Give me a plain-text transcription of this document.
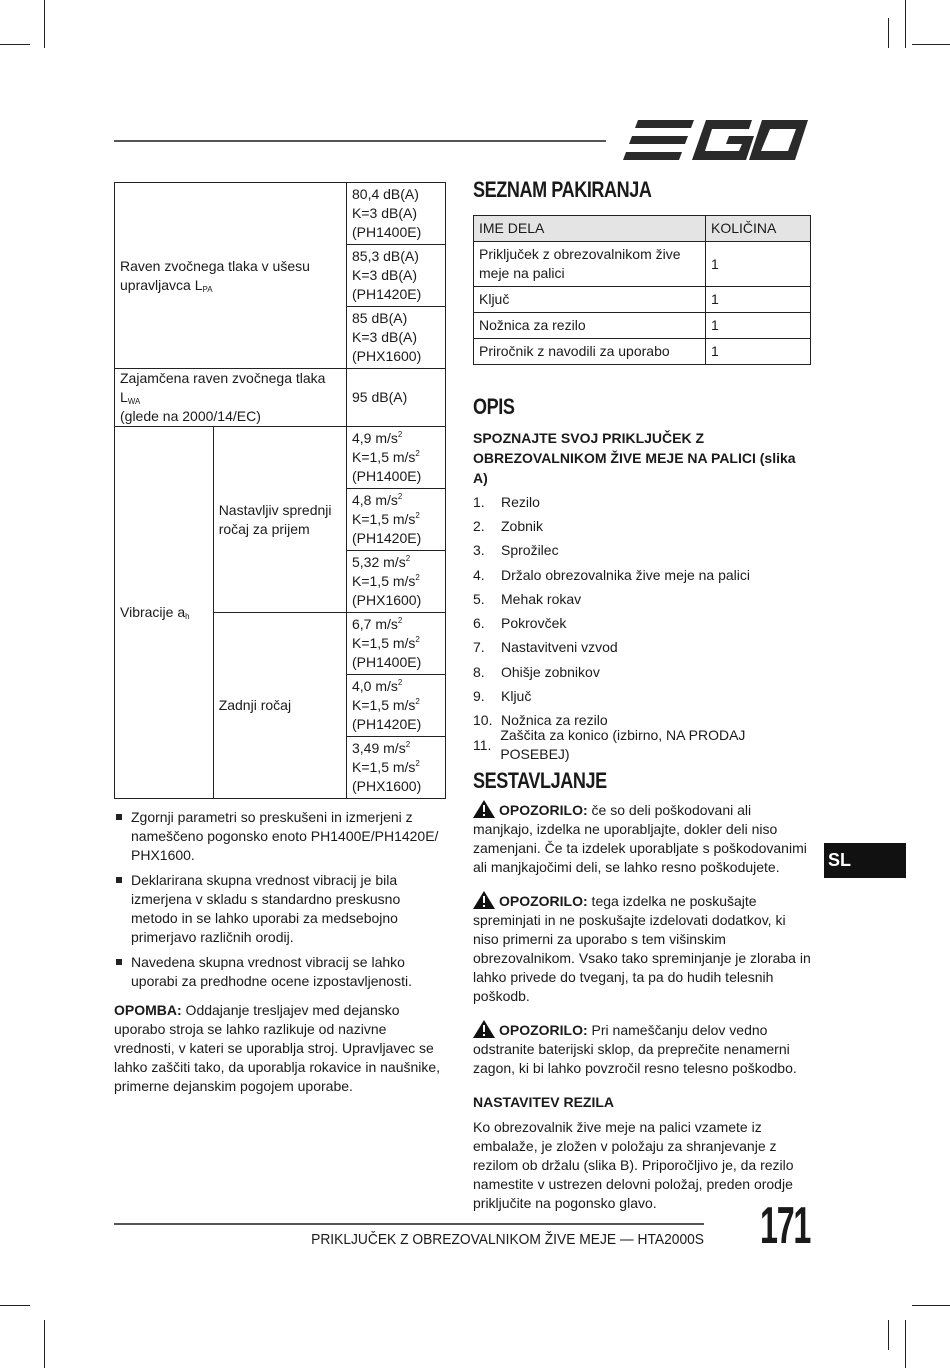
Raven zvočnega tlaka v ušesu upravljavca $L_{PA}$		80,4 dB(A)
K=3 dB(A)
(PH1400E)
		85,3 dB(A)
K=3 dB(A)
(PH1420E)
		85 dB(A)
K=3 dB(A)
(PHX1600)
Zajamčena raven zvočnega tlaka $L_{WA}$
(glede na 2000/14/EC)		95 dB(A)
Vibracije $a_h$	Nastavljiv sprednji ročaj za prijem	4,9 $m/s^2$
K=1,5 $m/s^2$
(PH1400E)
		4,8 $m/s^2$
K=1,5 $m/s^2$
(PH1420E)
		5,32 $m/s^2$
K=1,5 $m/s^2$
(PHX1600)
	Zadnji ročaj	6,7 $m/s^2$
K=1,5 $m/s^2$
(PH1400E)
		4,0 $m/s^2$
K=1,5 $m/s^2$
(PH1420E)
		3,49 $m/s^2$
K=1,5 $m/s^2$
(PHX1600)
Zgornji parametri so preskušeni in izmerjeni z nameščeno pogonsko enoto PH1400E/PH1420E/ PHX1600.
Deklarirana skupna vrednost vibracij je bila izmerjena v skladu s standardno preskusno metodo in se lahko uporabi za medsebojno primerjavo različnih orodij.
Navedena skupna vrednost vibracij se lahko uporabi za predhodne ocene izpostavljenosti.

OPOMBA: Oddajanje tresljajev med dejansko uporabo stroja se lahko razlikuje od nazivne vrednosti, v kateri se uporablja stroj. Upravljavec se lahko zaščiti tako, da uporablja rokavice in naušnike, primerne dejanskim pogojem uporabe.

SEZNAM PAKIRANJA
IME DELA	KOLIČINA
Priključek z obrezovalnikom žive meje na palici	1
Ključ	1
Nožnica za rezilo	1
Priročnik z navodili za uporabo	1
OPIS
SPOZNAJTE SVOJ PRIKLJUČEK Z OBREZOVALNIKOM ŽIVE MEJE NA PALICI (slika A)
1.	Rezilo
2.	Zobnik
3.	Sprožilec
4.	Držalo obrezovalnika žive meje na palici
5.	Mehak rokav
6.	Pokrovček
7.	Nastavitveni vzvod
8.	Ohišje zobnikov
9.	Ključ
10. Nožnica za rezilo
11.
Zaščita za konico (izbirno, NA PRODAJ POSEBEJ)
SESTAVLJANJE

OPOZORILO: če so deli poškodovani ali manjkajo, izdelka ne uporabljajte, dokler deli niso zamenjani. Če ta izdelek uporabljate s poškodovanimi ali manjkajočimi deli, se lahko resno poškodujete.

OPOZORILO: tega izdelka ne poskušajte spreminjati in ne poskušajte izdelovati dodatkov, ki niso primerni za uporabo s tem višinskim obrezovalnikom. Vsako tako spreminjanje je zloraba in lahko privede do tveganj, ta pa do hudih telesnih poškodb.

OPOZORILO: Pri nameščanju delov vedno odstranite baterijski sklop, da preprečite nenamerni zagon, ki bi lahko povzročil resno telesno poškodbo.

NASTAVITEV REZILA

Ko obrezovalnik žive meje na palici vzamete iz embalaže, je zložen v položaju za shranjevanje z rezilom ob držalu (slika B). Priporočljivo je, da rezilo namestite v ustrezen delovni položaj, preden orodje priključite na pogonsko glavo.

SL
PRIKLJUČEK Z OBREZOVALNIKOM ŽIVE MEJE — HTA2000S 171
